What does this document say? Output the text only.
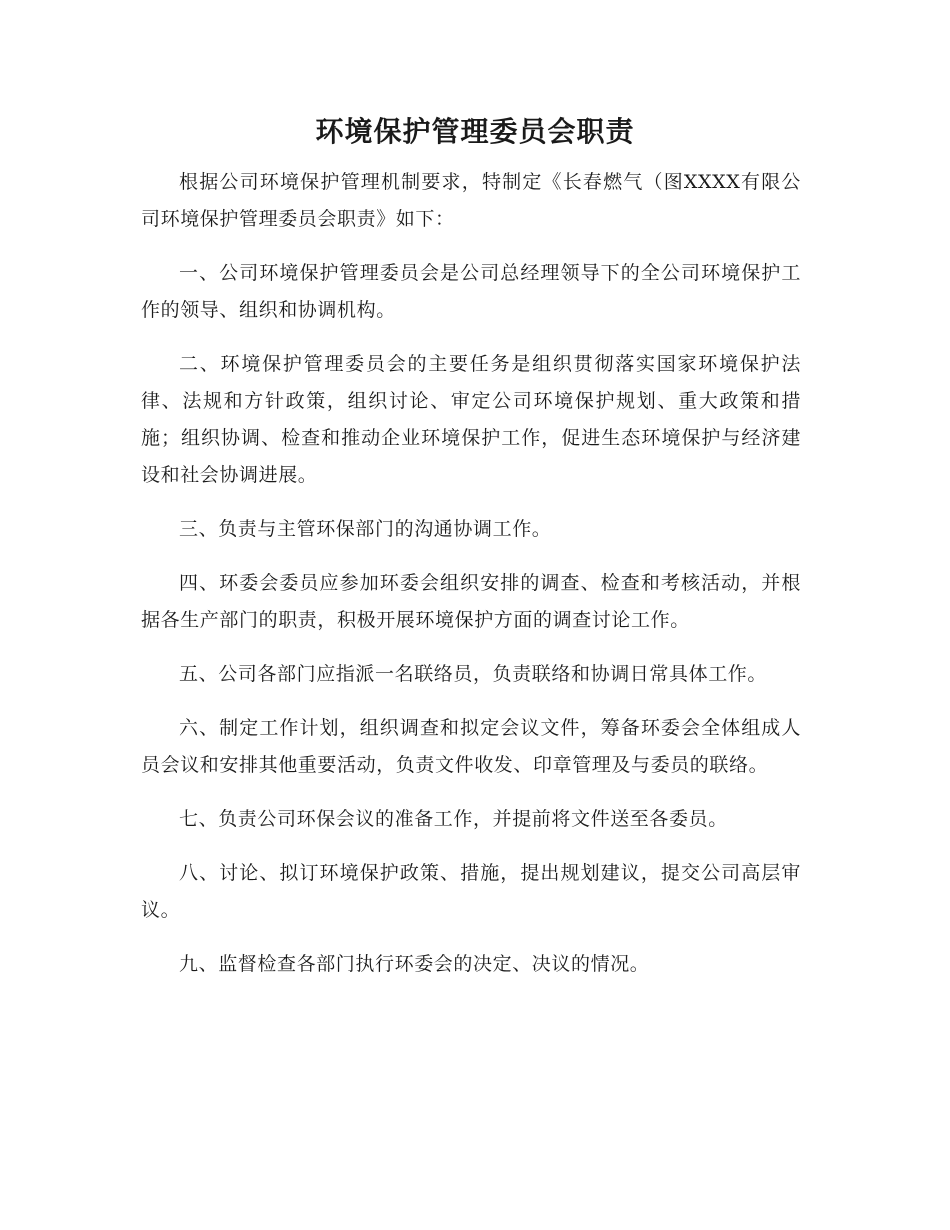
环境保护管理委员会职责

根据公司环境保护管理机制要求，特制定《长春燃气（图XXXX有限公司环境保护管理委员会职责》如下：

一、公司环境保护管理委员会是公司总经理领导下的全公司环境保护工作的领导、组织和协调机构。

二、环境保护管理委员会的主要任务是组织贯彻落实国家环境保护法律、法规和方针政策，组织讨论、审定公司环境保护规划、重大政策和措施；组织协调、检查和推动企业环境保护工作，促进生态环境保护与经济建设和社会协调进展。

三、负责与主管环保部门的沟通协调工作。

四、环委会委员应参加环委会组织安排的调查、检查和考核活动，并根据各生产部门的职责，积极开展环境保护方面的调查讨论工作。

五、公司各部门应指派一名联络员，负责联络和协调日常具体工作。

六、制定工作计划，组织调查和拟定会议文件，筹备环委会全体组成人员会议和安排其他重要活动，负责文件收发、印章管理及与委员的联络。

七、负责公司环保会议的准备工作，并提前将文件送至各委员。

八、讨论、拟订环境保护政策、措施，提出规划建议，提交公司高层审议。

九、监督检查各部门执行环委会的决定、决议的情况。
